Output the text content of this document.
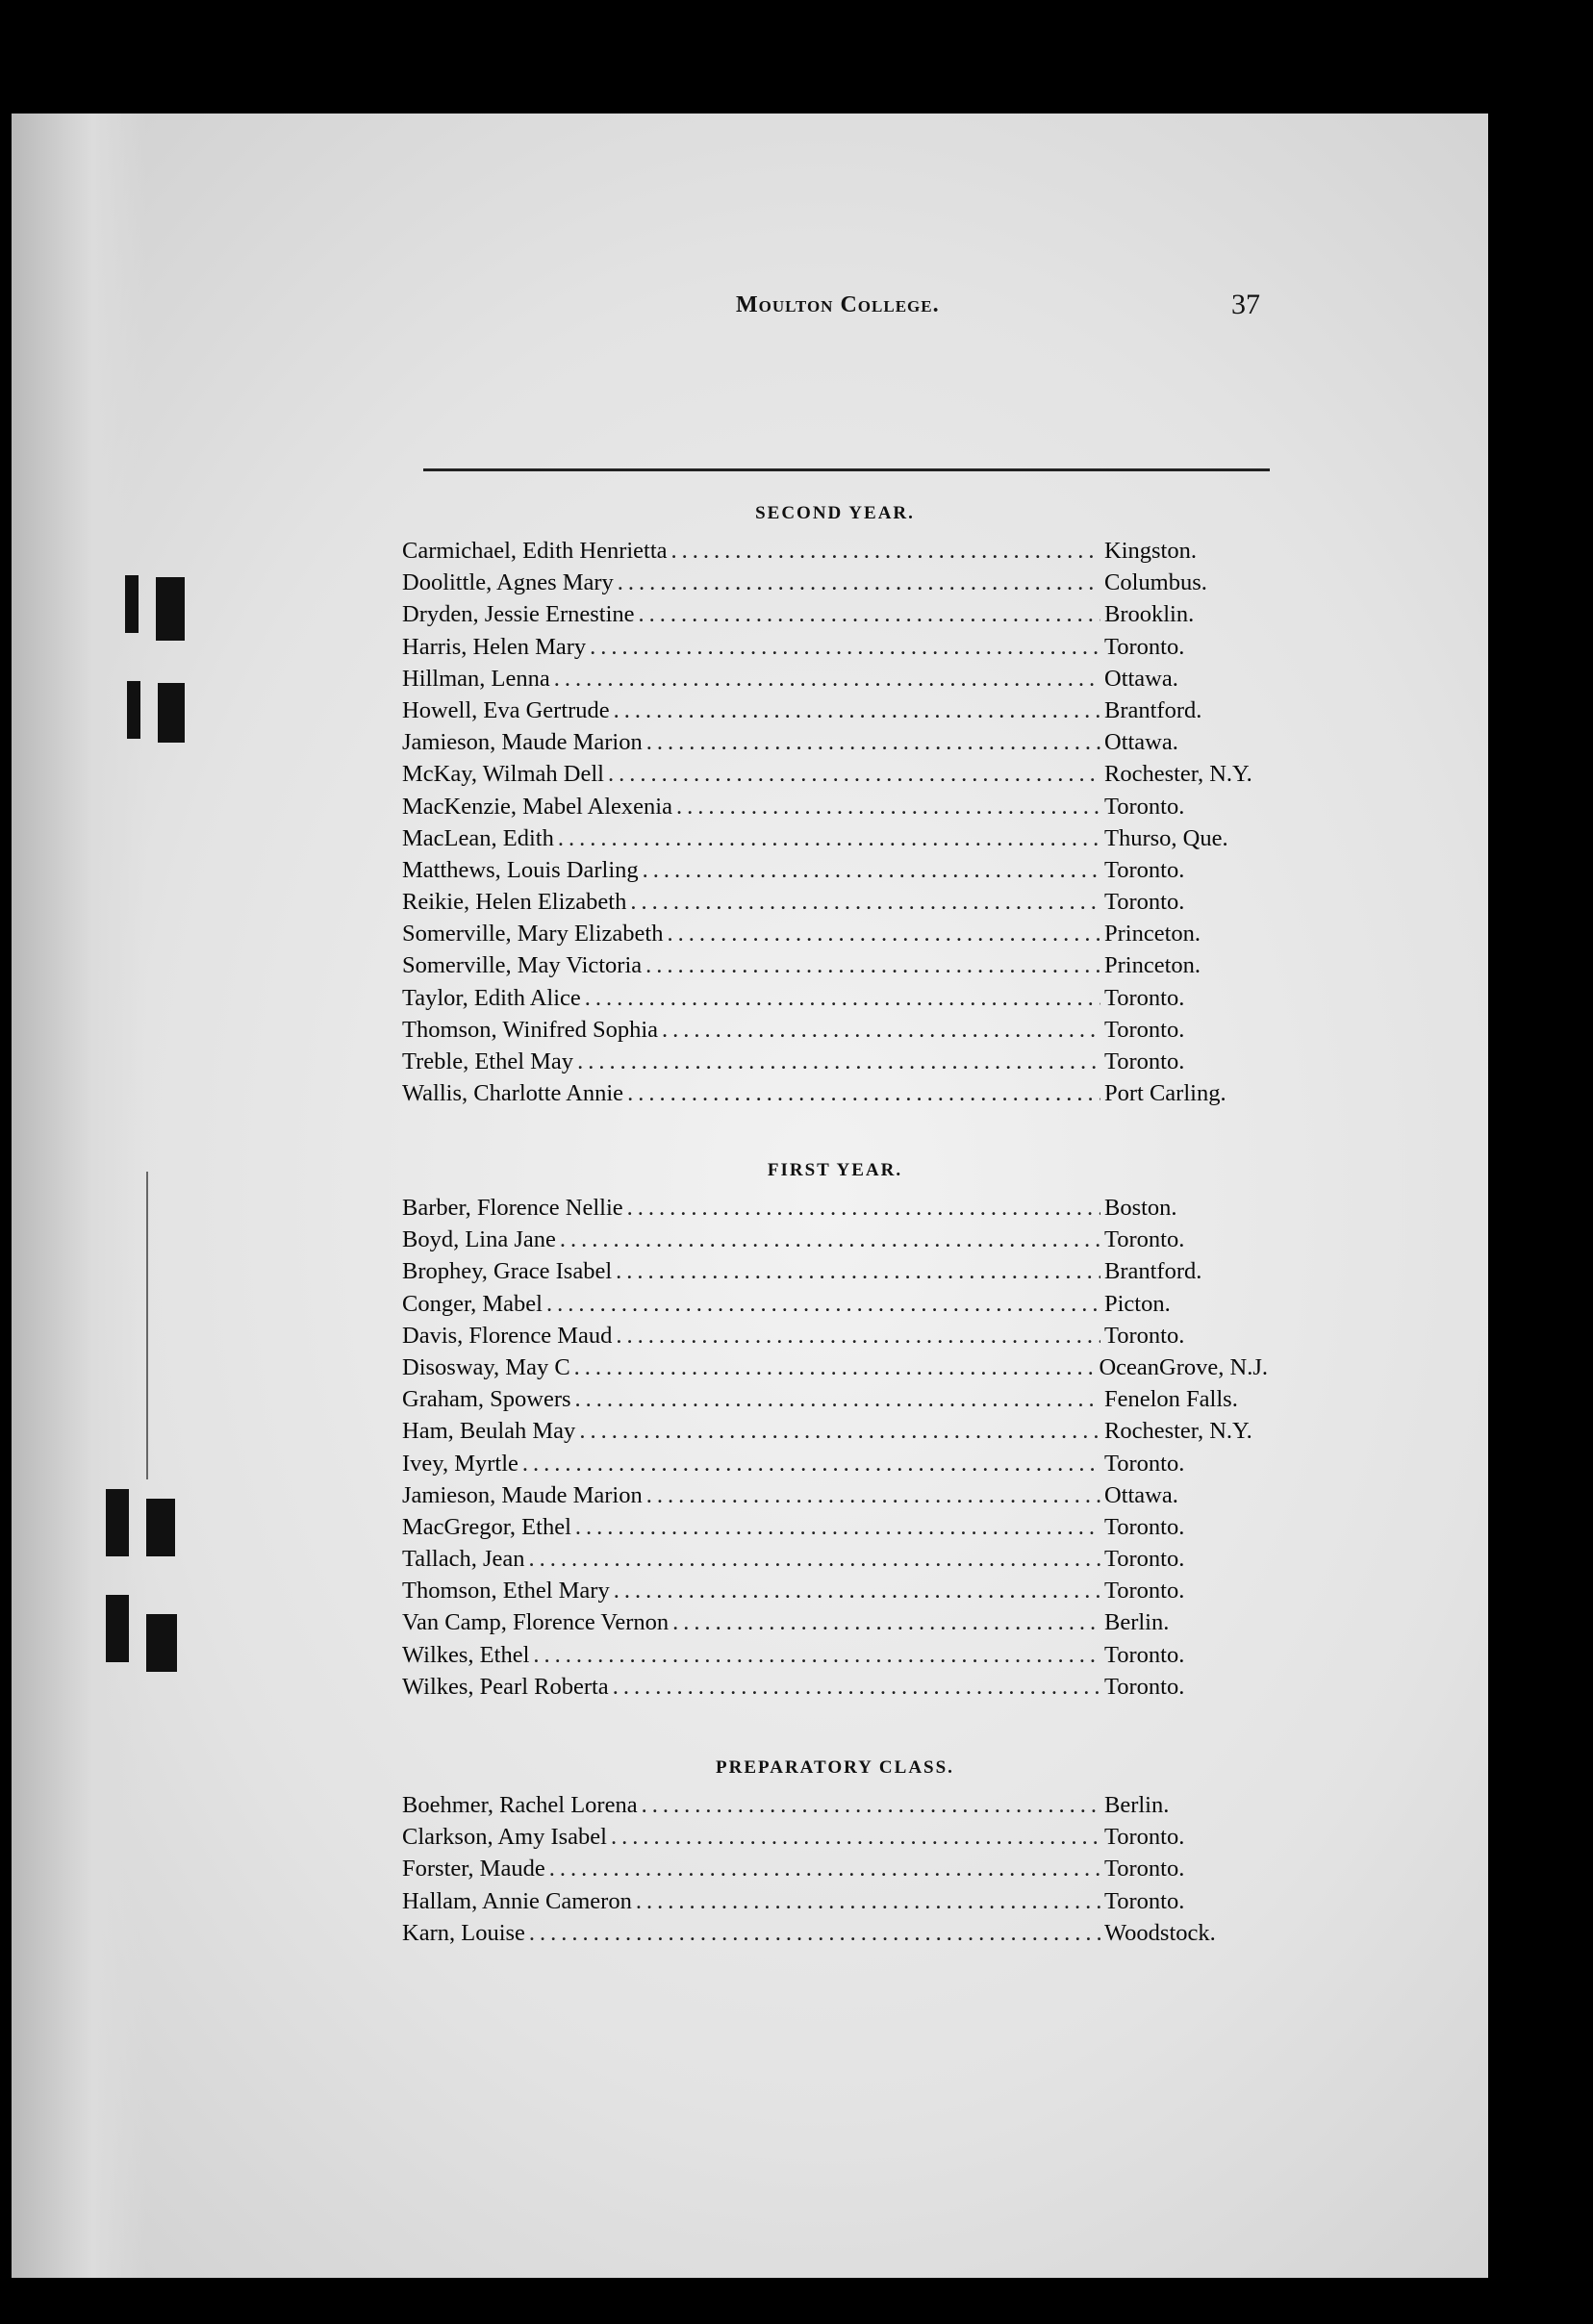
Moulton College.	37
SECOND YEAR.
Carmichael, Edith Henrietta .....	Kingston.
Doolittle, Agnes Mary .....	Columbus.
Dryden, Jessie Ernestine .....	Brooklin.
Harris, Helen Mary .....	Toronto.
Hillman, Lenna .....	Ottawa.
Howell, Eva Gertrude .....	Brantford.
Jamieson, Maude Marion .....	Ottawa.
McKay, Wilmah Dell .....	Rochester, N.Y.
MacKenzie, Mabel Alexenia .....	Toronto.
MacLean, Edith .....	Thurso, Que.
Matthews, Louis Darling .....	Toronto.
Reikie, Helen Elizabeth .....	Toronto.
Somerville, Mary Elizabeth .....	Princeton.
Somerville, May Victoria .....	Princeton.
Taylor, Edith Alice .....	Toronto.
Thomson, Winifred Sophia .....	Toronto.
Treble, Ethel May .....	Toronto.
Wallis, Charlotte Annie .....	Port Carling.
FIRST YEAR.
Barber, Florence Nellie .....	Boston.
Boyd, Lina Jane .....	Toronto.
Brophey, Grace Isabel .....	Brantford.
Conger, Mabel .....	Picton.
Davis, Florence Maud .....	Toronto.
Disosway, May C .....	OceanGrove, N.J.
Graham, Spowers .....	Fenelon Falls.
Ham, Beulah May .....	Rochester, N.Y.
Ivey, Myrtle .....	Toronto.
Jamieson, Maude Marion .....	Ottawa.
MacGregor, Ethel .....	Toronto.
Tallach, Jean .....	Toronto.
Thomson, Ethel Mary .....	Toronto.
Van Camp, Florence Vernon .....	Berlin.
Wilkes, Ethel .....	Toronto.
Wilkes, Pearl Roberta .....	Toronto.
PREPARATORY CLASS.
Boehmer, Rachel Lorena .....	Berlin.
Clarkson, Amy Isabel .....	Toronto.
Forster, Maude .....	Toronto.
Hallam, Annie Cameron .....	Toronto.
Karn, Louise .....	Woodstock.
